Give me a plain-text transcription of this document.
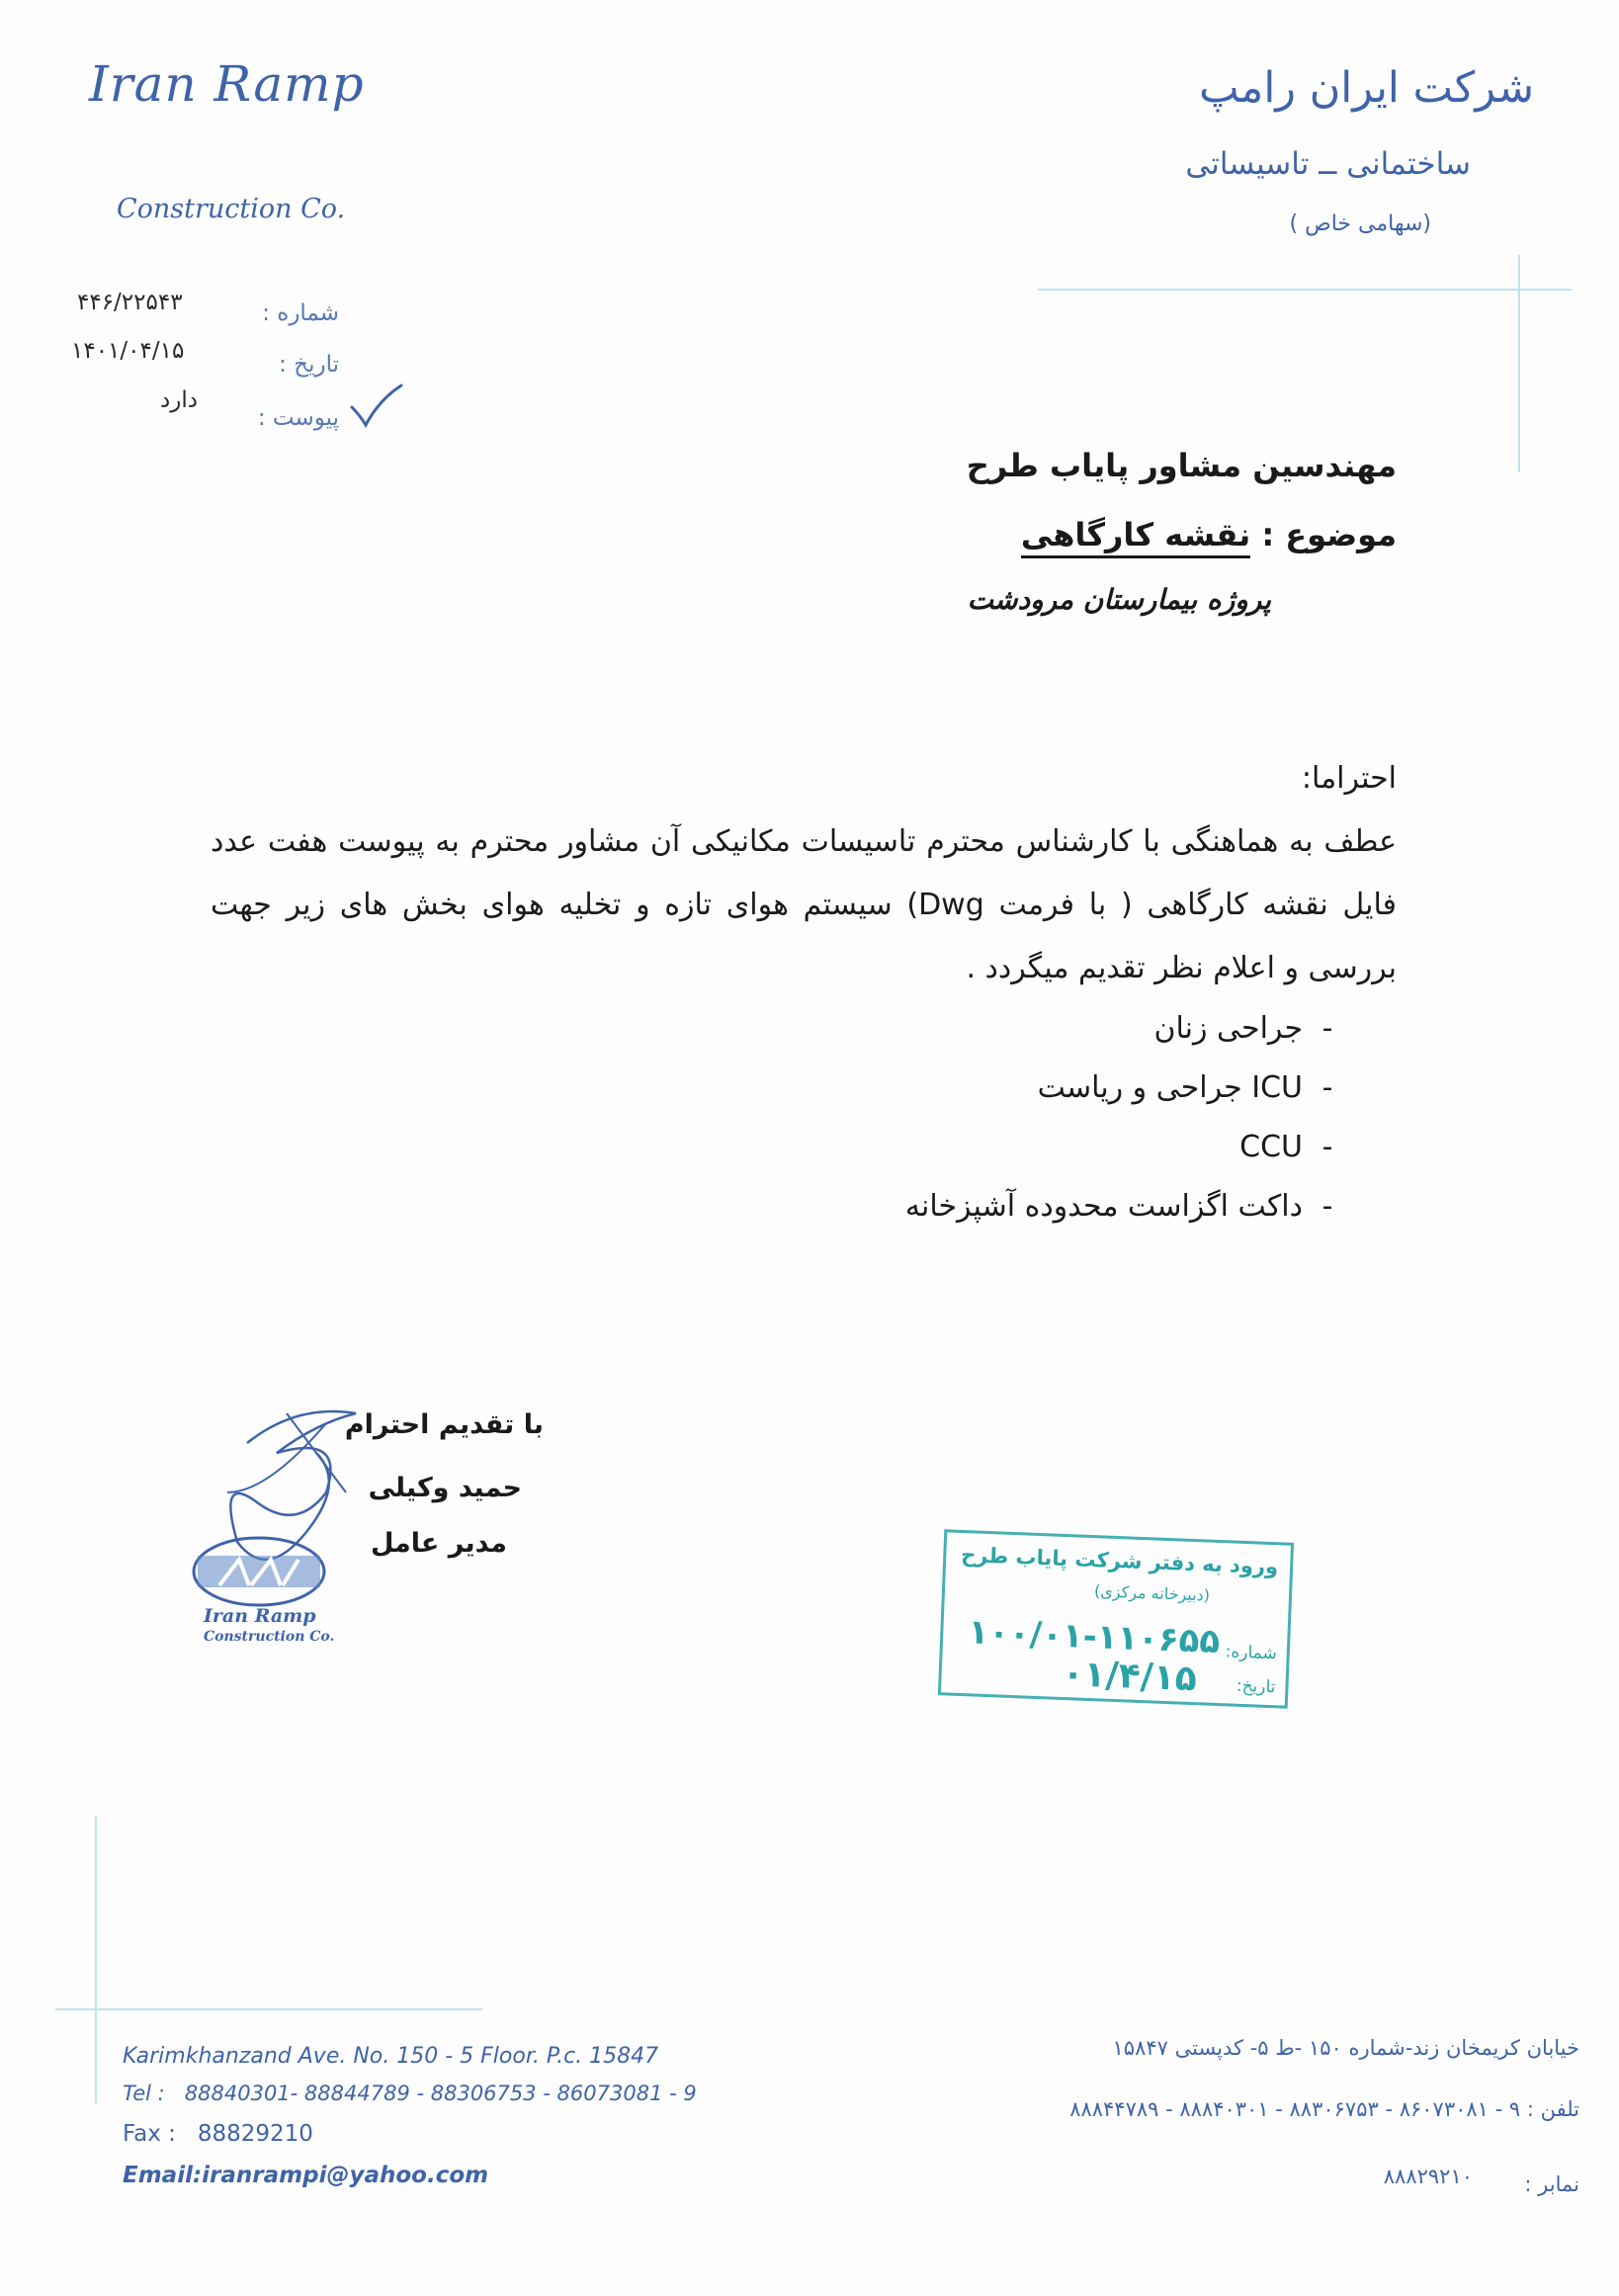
Iran Ramp
Construction Co.
شرکت ایران رامپ
ساختمانی ــ تاسیساتی
(سهامی خاص )
شماره :
۴۴۶/۲۲۵۴۳
تاریخ :
۱۴۰۱/۰۴/۱۵
پیوست :
دارد
مهندسین مشاور پایاب طرح
موضوع : نقشه کارگاهی
پروژه بیمارستان مرودشت
احتراما:
عطف به هماهنگی با کارشناس محترم تاسیسات مکانیکی آن مشاور محترم به پیوست هفت عدد فایل نقشه کارگاهی ( با فرمت Dwg) سیستم هوای تازه و تخلیه هوای بخش های زیر جهت بررسی و اعلام نظر تقدیم میگردد .
-
جراحی زنان
-
ICU جراحی و ریاست
-
CCU
-
داکت اگزاست محدوده آشپزخانه
Iran Ramp
Construction Co.
با تقدیم احترام
حمید وکیلی
مدیر عامل	ورود به دفتر شرکت پایاب طرح
(دبیرخانه مرکزی)
شماره:
۱۰۰/۰۱-۱۱۰۶۵۵
تاریخ:
۰۱/۴/۱۵
Karimkhanzand Ave. No. 150 - 5 Floor. P.c. 15847
Tel : 88840301- 88844789 - 88306753 - 86073081 - 9
Fax : 88829210
Email:iranrampi@yahoo.com
خیابان کریمخان زند-شماره ۱۵۰ -ط ۵- کدپستی ۱۵۸۴۷
تلفن : ۹ - ۸۶۰۷۳۰۸۱ - ۸۸۳۰۶۷۵۳ - ۸۸۸۴۰۳۰۱ - ۸۸۸۴۴۷۸۹
نمابر :
۸۸۸۲۹۲۱۰
